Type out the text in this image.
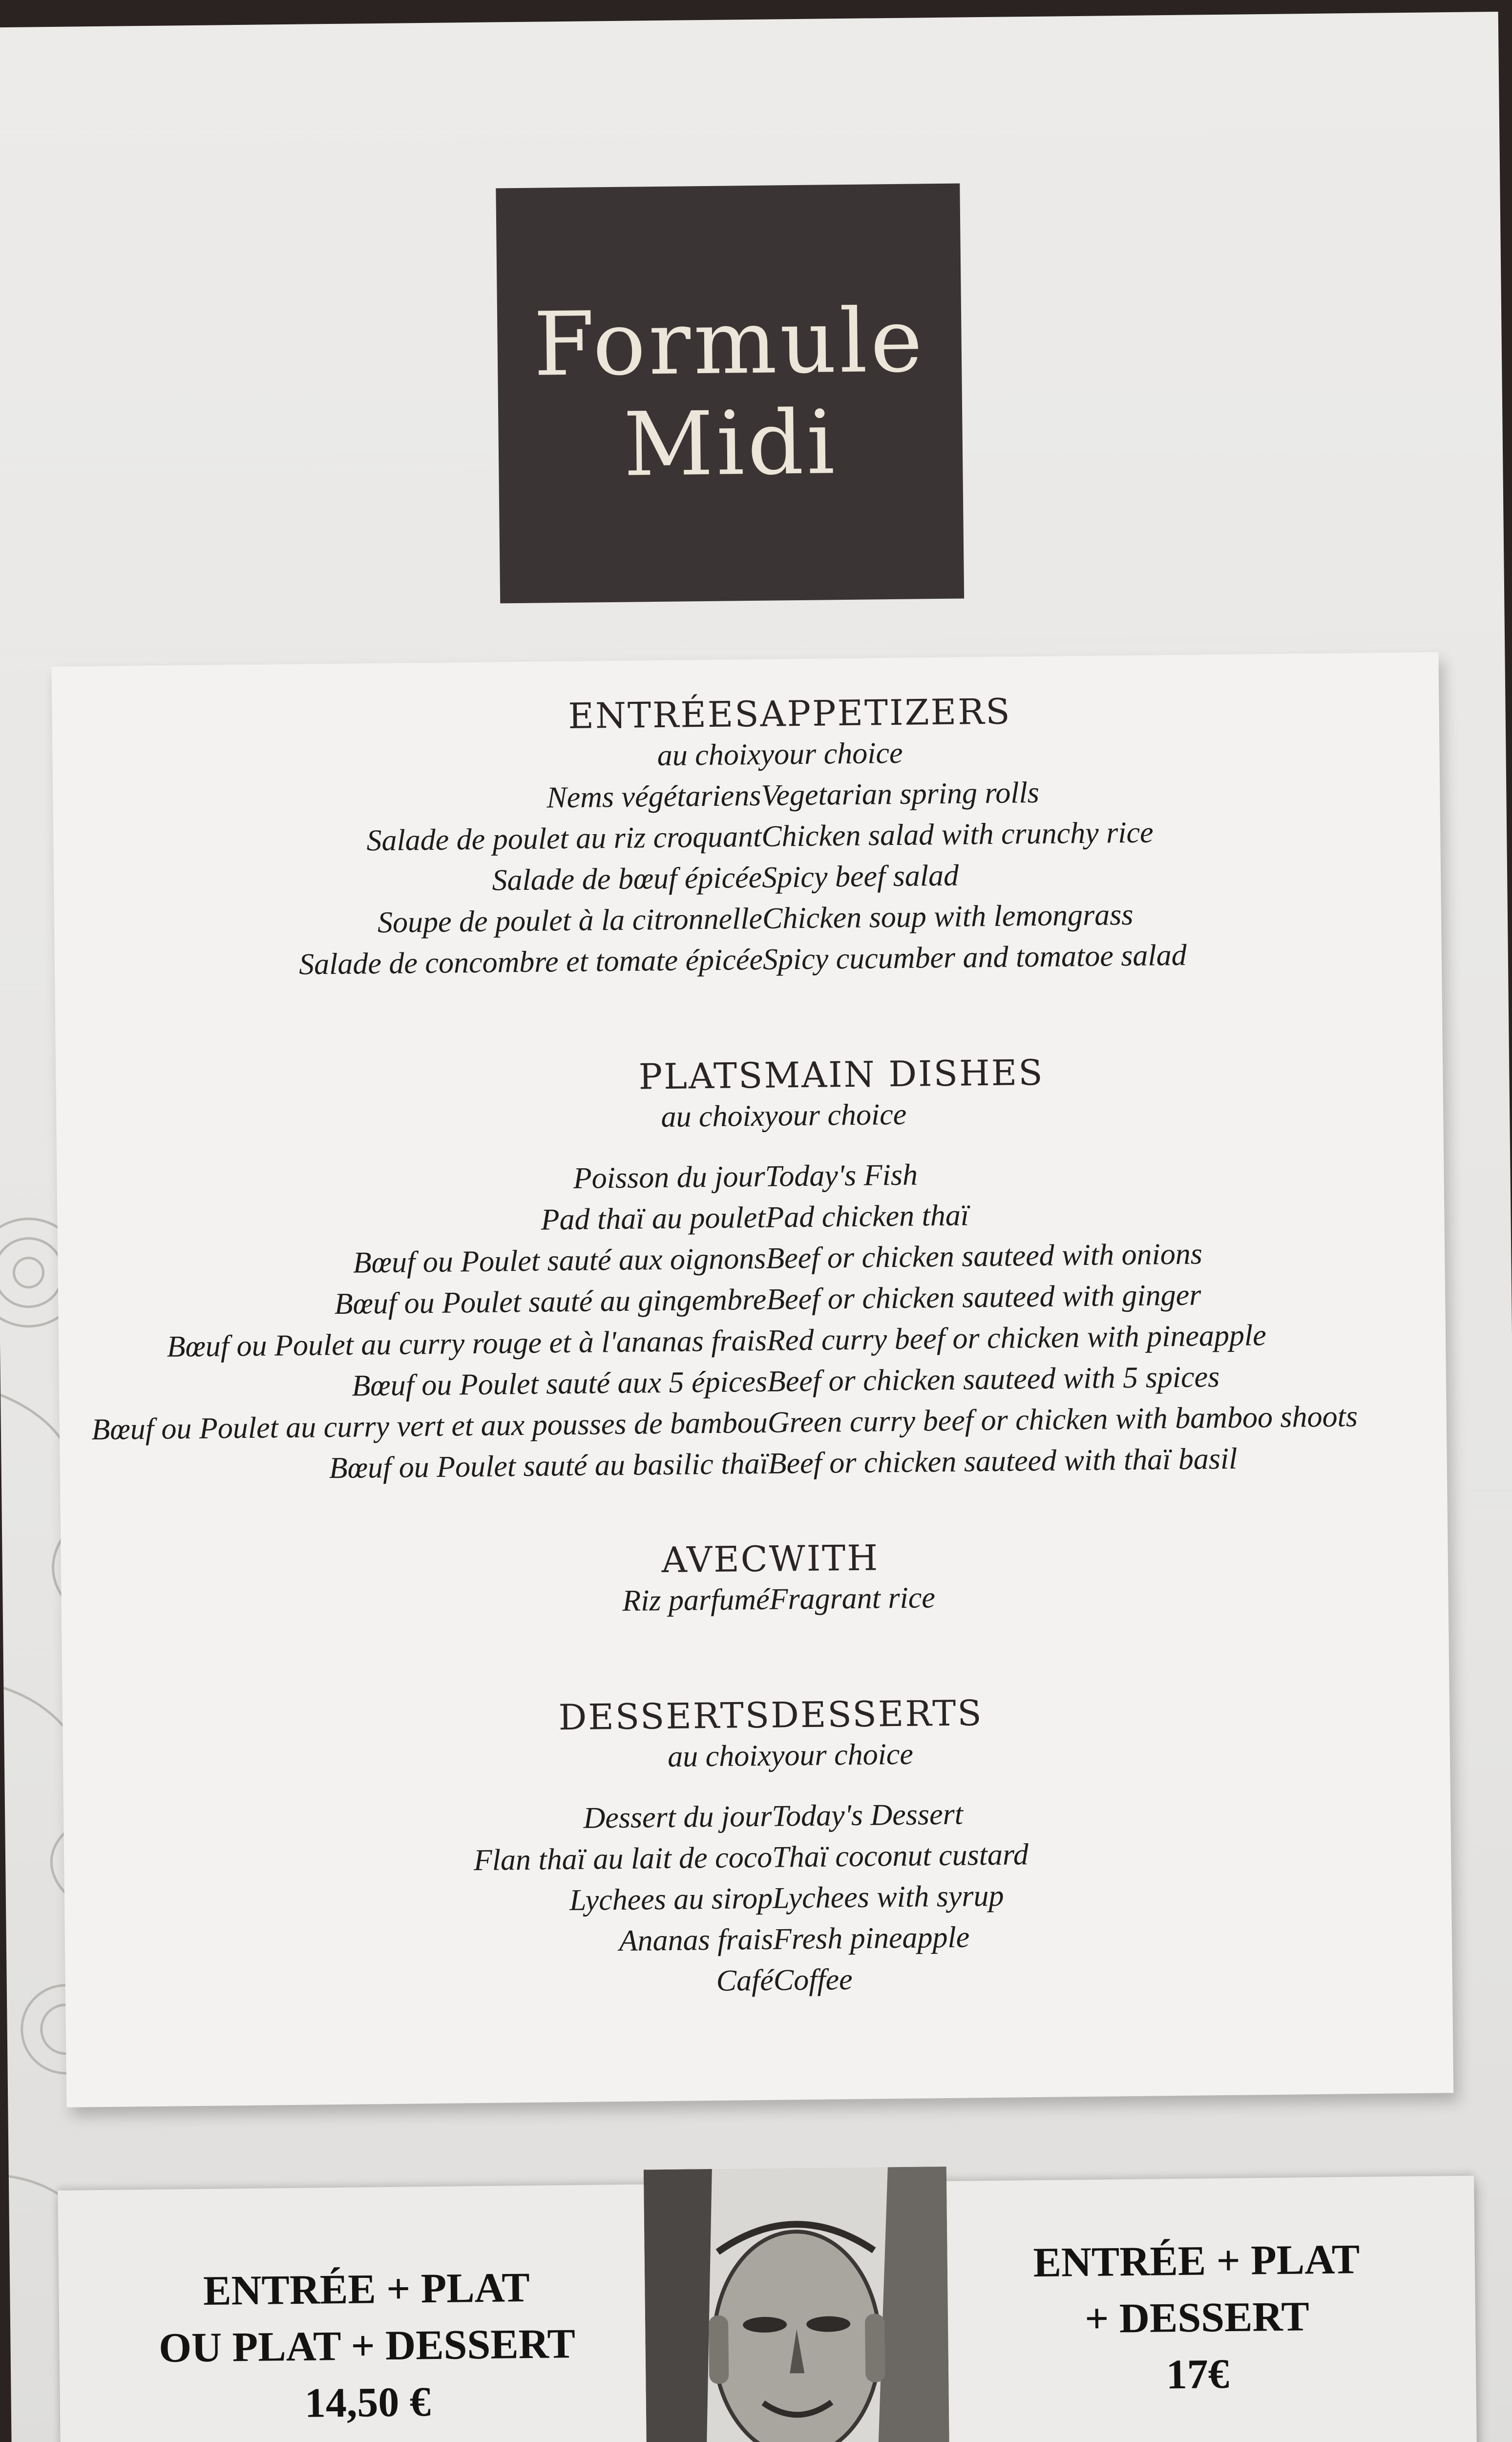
Formule
Midi
ENTRÉES APPETIZERS
au choix your choice
Nems végétariens Vegetarian spring rolls
Salade de poulet au riz croquant Chicken salad with crunchy rice
Salade de bœuf épicée Spicy beef salad
Soupe de poulet à la citronnelle Chicken soup with lemongrass
Salade de concombre et tomate épicée Spicy cucumber and tomatoe salad
PLATS MAIN DISHES
au choix your choice
Poisson du jour Today's Fish
Pad thaï au poulet Pad chicken thaï
Bœuf ou Poulet sauté aux oignons Beef or chicken sauteed with onions
Bœuf ou Poulet sauté au gingembre Beef or chicken sauteed with ginger
Bœuf ou Poulet au curry rouge et à l'ananas frais Red curry beef or chicken with pineapple
Bœuf ou Poulet sauté aux 5 épices Beef or chicken sauteed with 5 spices
Bœuf ou Poulet au curry vert et aux pousses de bambou Green curry beef or chicken with bamboo shoots
Bœuf ou Poulet sauté au basilic thaï Beef or chicken sauteed with thaï basil
AVEC WITH
Riz parfumé Fragrant rice
DESSERTS DESSERTS
au choix your choice
Dessert du jour Today's Dessert
Flan thaï au lait de coco Thaï coconut custard
Lychees au sirop Lychees with syrup
Ananas frais Fresh pineapple
Café Coffee
ENTRÉE + PLAT
OU PLAT + DESSERT
14,50 €
ENTRÉE + PLAT
+ DESSERT
17€
